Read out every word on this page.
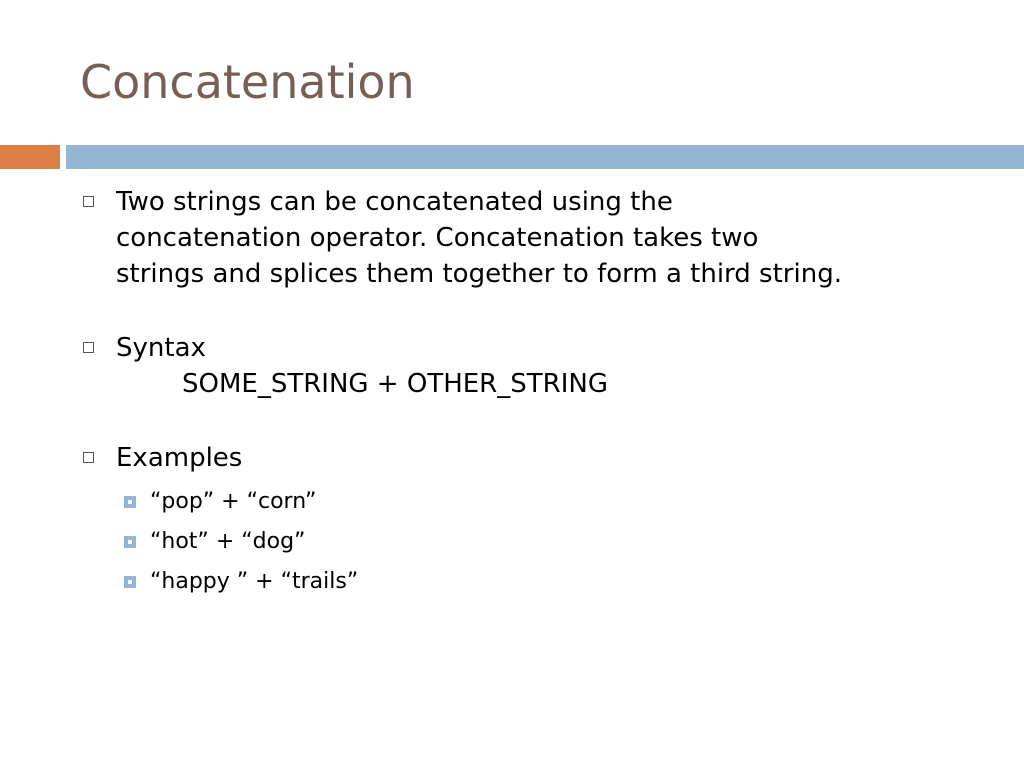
Concatenation
Two strings can be concatenated using the
concatenation operator. Concatenation takes two
strings and splices them together to form a third string.
Syntax
SOME_STRING + OTHER_STRING
Examples
“pop” + “corn”
“hot” + “dog”
“happy ” + “trails”
